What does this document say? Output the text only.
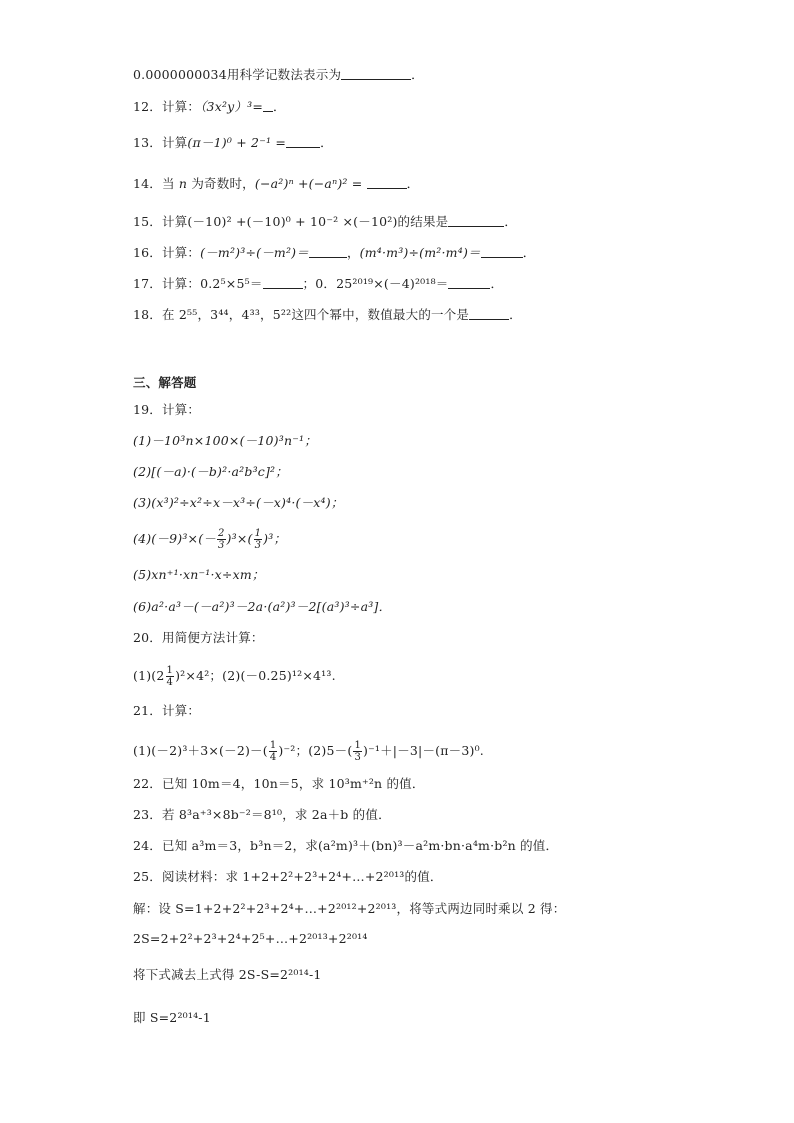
0.0000000034用科学记数法表示为	．
12．计算：（3x²y）³= ．
13．计算(π－1)⁰ + 2⁻¹ =	．
14．当 n 为奇数时，(−a²)ⁿ +(−aⁿ)² =	．
15．计算(－10)² +(－10)⁰ + 10⁻² ×(－10²)的结果是	．
16．计算：(－m²)³÷(－m²)＝	，(m⁴·m³)÷(m²·m⁴)＝	．
17．计算：0.2⁵×5⁵＝	；0．25²⁰¹⁹×(－4)²⁰¹⁸＝	．
18．在 2⁵⁵，3⁴⁴，4³³，5²²这四个幂中，数值最大的一个是	．
三、解答题
19．计算：
(1)－10³n×100×(－10)³n⁻¹；
(2)[(－a)·(－b)²·a²b³c]²；
(3)(x³)²÷x²÷x－x³÷(－x)⁴·(－x⁴)；
$(4)(-9)^3\times(- \frac{2}{3} )^3\times( \frac{1}{3} )^3$；
(5)xn⁺¹·xn⁻¹·x÷xm；
(6)a²·a³－(－a²)³－2a·(a²)³－2[(a³)³÷a³]．
20．用简便方法计算：
$(1)(2 \frac{1}{4} )^2\times 4^2$；(2)(－0.25)¹²×4¹³.
21．计算：
$(1)(-2)^3+3\times(-2)-( \frac{1}{4} )^{-2}$；$(2)5-( \frac{1}{3} )^{-1}+|-3|-(\pi-3)^0$.
22．已知 10m＝4，10n＝5，求 10³m⁺²n 的值．
23．若 8³a⁺³×8b⁻²＝8¹⁰，求 2a＋b 的值．
24．已知 a³m＝3，b³n＝2，求(a²m)³＋(bn)³－a²m·bn·a⁴m·b²n 的值．
25．阅读材料：求 1+2+2²+2³+2⁴+…+2²⁰¹³的值．
解：设 S=1+2+2²+2³+2⁴+…+2²⁰¹²+2²⁰¹³，将等式两边同时乘以 2 得：
2S=2+2²+2³+2⁴+2⁵+…+2²⁰¹³+2²⁰¹⁴
将下式减去上式得 2S-S=2²⁰¹⁴-1
即 S=2²⁰¹⁴-1
